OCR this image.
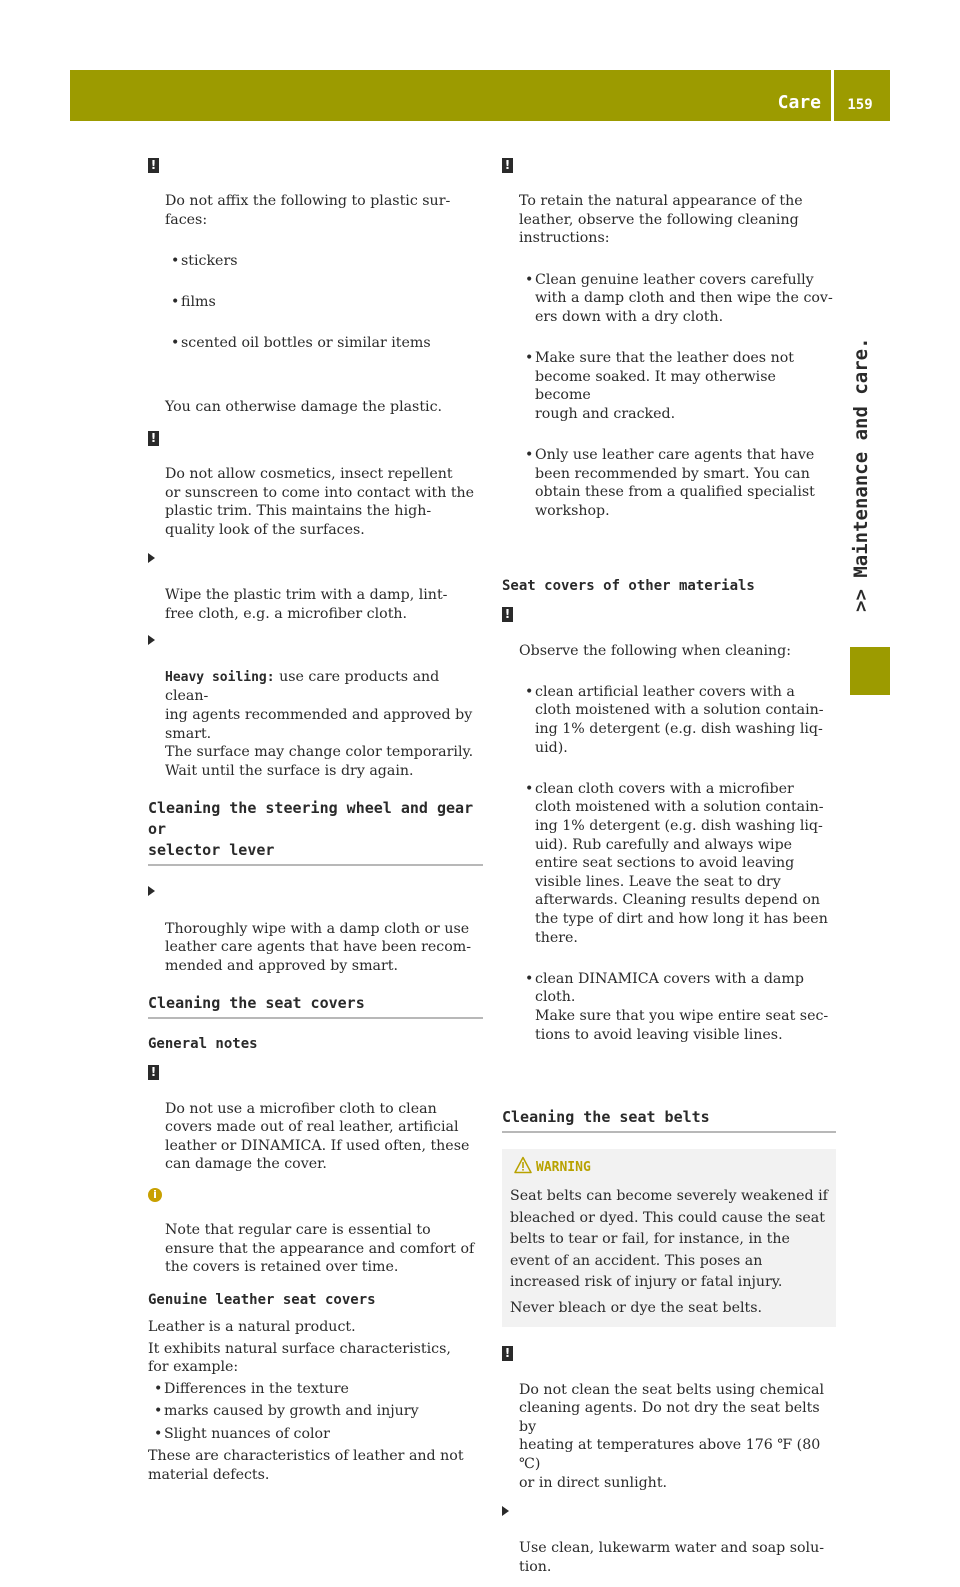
Care	159
>> Maintenance and care.

!

Do not affix the following to plastic sur-
faces:

• stickers

• films

• scented oil bottles or similar items

You can otherwise damage the plastic.

!

Do not allow cosmetics, insect repellent
or sunscreen to come into contact with the
plastic trim. This maintains the high-
quality look of the surfaces.

Wipe the plastic trim with a damp, lint-
free cloth, e.g. a microfiber cloth.

Heavy soiling: use care products and clean-
ing agents recommended and approved by
smart.
The surface may change color temporarily.
Wait until the surface is dry again.

Cleaning the steering wheel and gear or
selector lever

Thoroughly wipe with a damp cloth or use
leather care agents that have been recom-
mended and approved by smart.

Cleaning the seat covers
General notes

!

Do not use a microfiber cloth to clean
covers made out of real leather, artificial
leather or DINAMICA. If used often, these
can damage the cover.

i

Note that regular care is essential to
ensure that the appearance and comfort of
the covers is retained over time.

Genuine leather seat covers
Leather is a natural product.
It exhibits natural surface characteristics,
for example:
• Differences in the texture
• marks caused by growth and injury
• Slight nuances of color
These are characteristics of leather and not
material defects.

!

To retain the natural appearance of the
leather, observe the following cleaning
instructions:

• Clean genuine leather covers carefully
with a damp cloth and then wipe the cov-
ers down with a dry cloth.

• Make sure that the leather does not
become soaked. It may otherwise become
rough and cracked.

• Only use leather care agents that have
been recommended by smart. You can
obtain these from a qualified specialist
workshop.

Seat covers of other materials

!

Observe the following when cleaning:

• clean artificial leather covers with a
cloth moistened with a solution contain-
ing 1% detergent (e.g. dish washing liq-
uid).

• clean cloth covers with a microfiber
cloth moistened with a solution contain-
ing 1% detergent (e.g. dish washing liq-
uid). Rub carefully and always wipe
entire seat sections to avoid leaving
visible lines. Leave the seat to dry
afterwards. Cleaning results depend on
the type of dirt and how long it has been
there.

• clean DINAMICA covers with a damp cloth.
Make sure that you wipe entire seat sec-
tions to avoid leaving visible lines.

Cleaning the seat belts
WARNING
Seat belts can become severely weakened if
bleached or dyed. This could cause the seat
belts to tear or fail, for instance, in the
event of an accident. This poses an
increased risk of injury or fatal injury.
Never bleach or dye the seat belts.

!

Do not clean the seat belts using chemical
cleaning agents. Do not dry the seat belts by
heating at temperatures above 176 ℉ (80 ℃)
or in direct sunlight.

Use clean, lukewarm water and soap solu-
tion.
